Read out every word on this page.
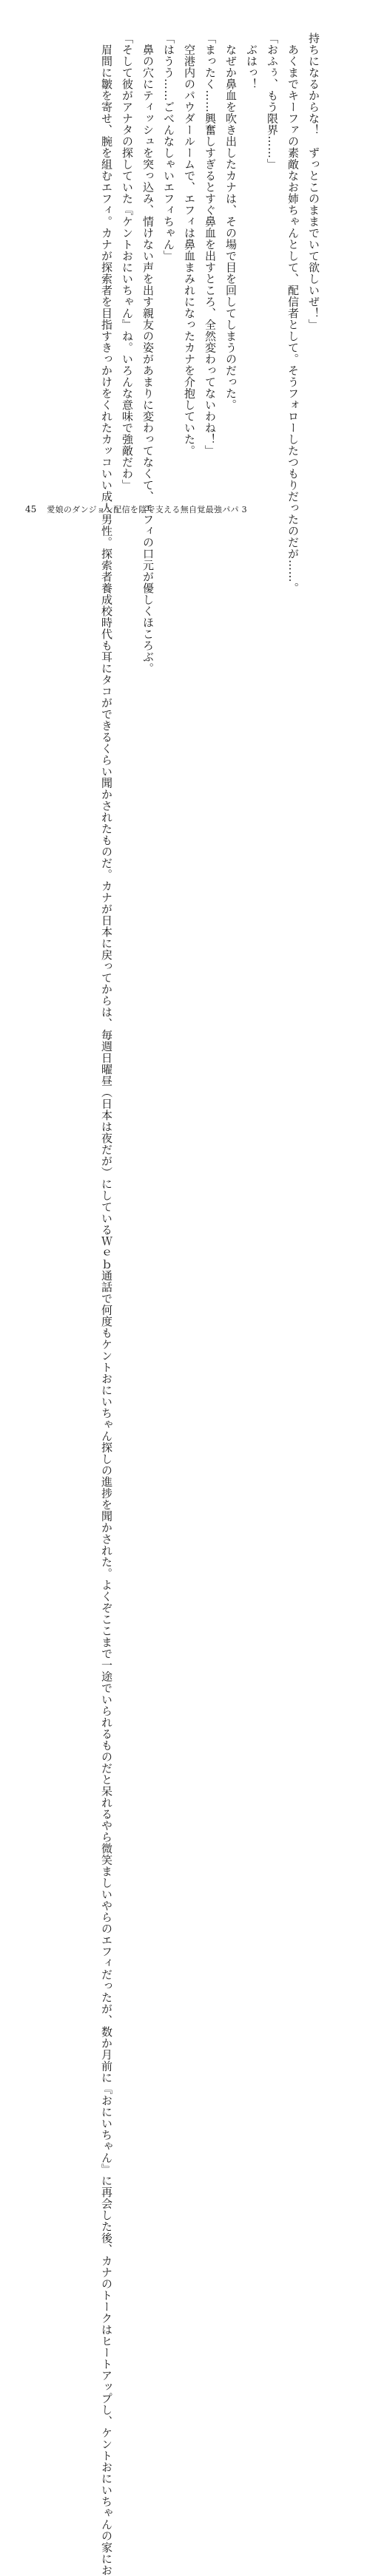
持ちになるからな！　ずっとこのままでいて欲しいぜ！」

　あくまでキーファの素敵なお姉ちゃんとして、配信者として。そうフォローしたつもりだったのだが……。

「おふぅ、もう限界……」

　ぶはっ！

　なぜか鼻血を吹き出したカナは、その場で目を回してしまうのだった。

「まったく……興奮しすぎるとすぐ鼻血を出すところ、全然変わってないわね！」

　空港内のパウダールームで、エフィは鼻血まみれになったカナを介抱していた。

「はうう……ごべんなしゃいエフィちゃん」

　鼻の穴にティッシュを突っ込み、情けない声を出す親友の姿があまりに変わってなくて、エフィの口元が優しくほころぶ。

「そして彼がアナタの探していた『ケントおにいちゃん』ね。いろんな意味で強敵だわ」

　眉間に皺を寄せ、腕を組むエフィ。カナが探索者を目指すきっかけをくれたカッコいい成人男性。探索者養成校時代も耳にタコができるくらい聞かされたものだ。カナが日本に戻ってからは、毎週日曜昼（日本は夜だが）にしているＷｅｂ通話で何度もケントおにいちゃん探しの進捗を聞かされた。よくぞここまで一途でいられるものだと呆れるやら微笑ましいやらのエフィだったが、数か月前に『おにいちゃん』に再会した後、カナのトークはヒートアップし、ケントおにいちゃんの家にお

45 愛娘のダンジョン配信を陰で支える無自覚最強パパ 3
